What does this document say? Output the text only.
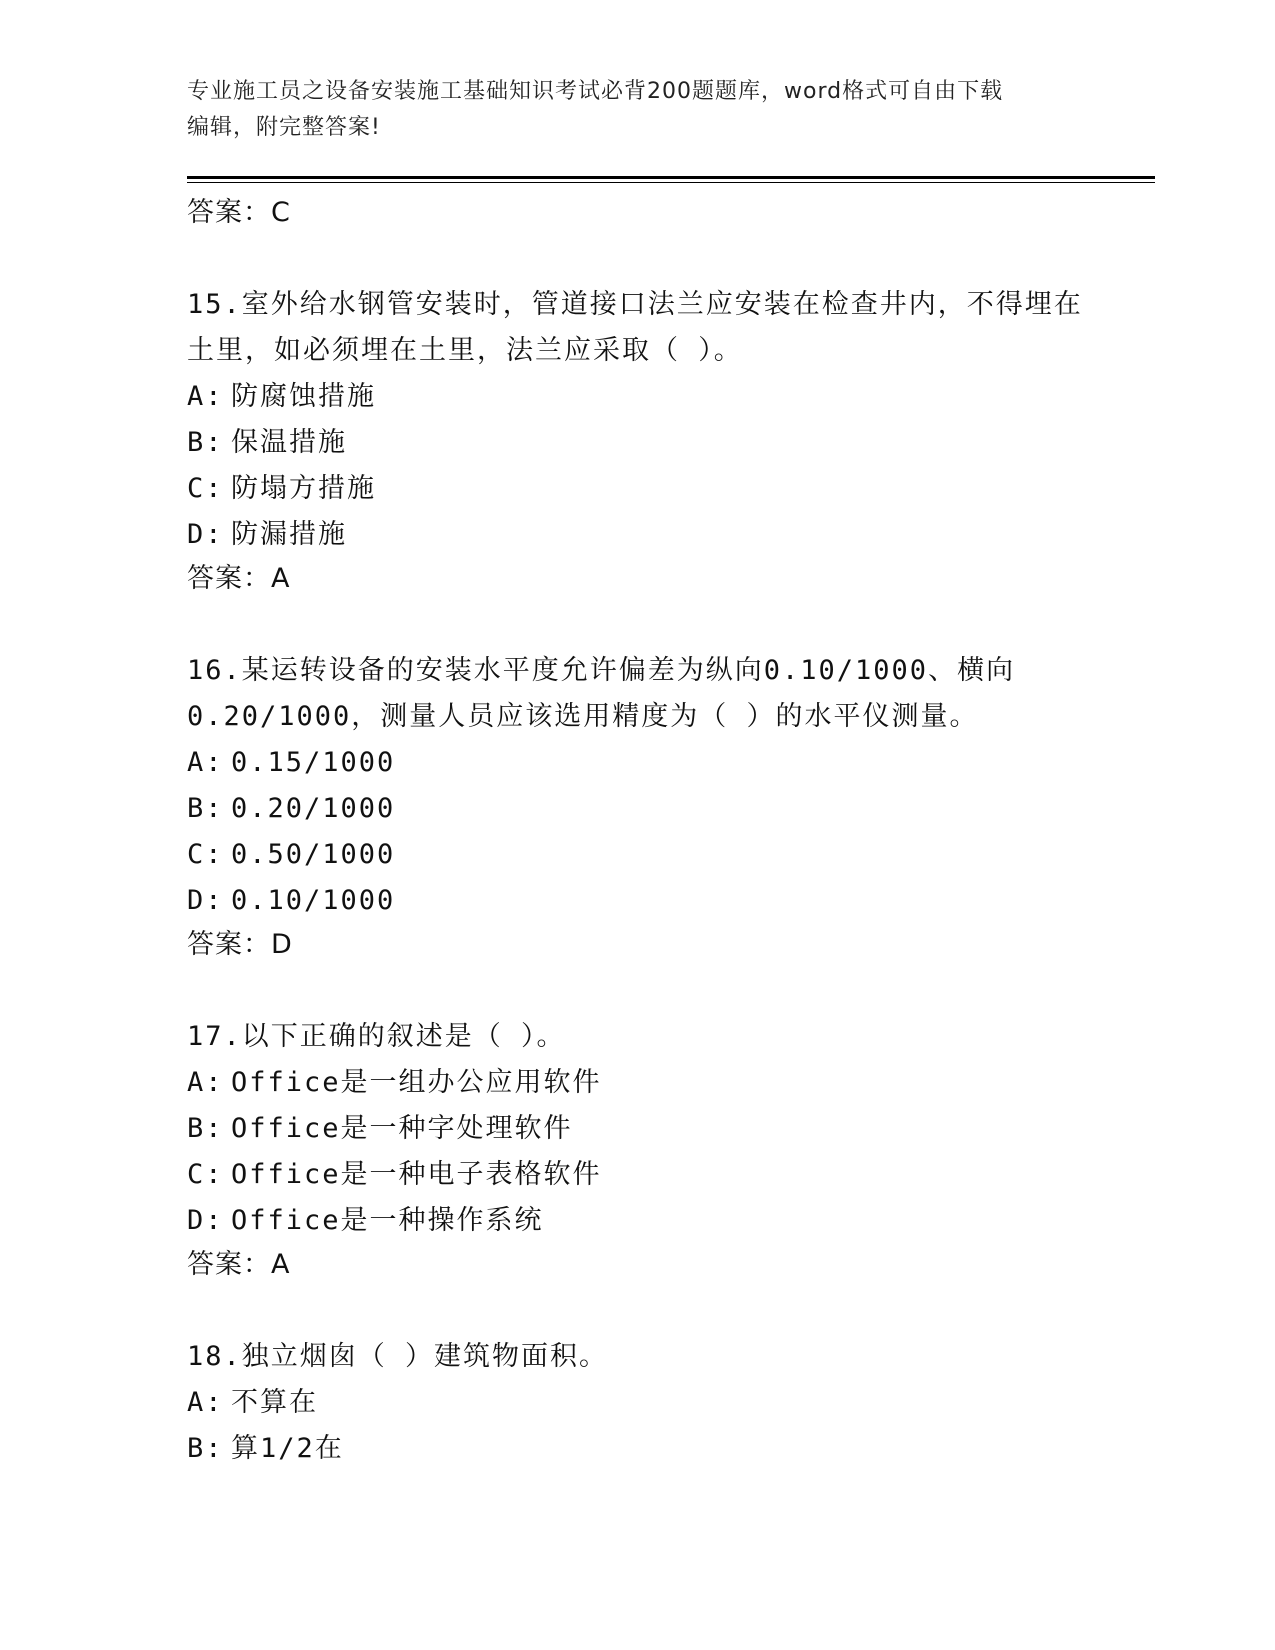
专业施工员之设备安装施工基础知识考试必背200题题库，word格式可自由下载
编辑，附完整答案!
答案：C
15.室外给水钢管安装时，管道接口法兰应安装在检查井内，不得埋在
土里，如必须埋在土里，法兰应采取（ ）。
A: 防腐蚀措施
B: 保温措施
C: 防塌方措施
D: 防漏措施
答案：A
16.某运转设备的安装水平度允许偏差为纵向0.10/1000、横向
0.20/1000，测量人员应该选用精度为（ ）的水平仪测量。
A: 0.15/1000
B: 0.20/1000
C: 0.50/1000
D: 0.10/1000
答案：D
17.以下正确的叙述是（ ）。
A: Office是一组办公应用软件
B: Office是一种字处理软件
C: Office是一种电子表格软件
D: Office是一种操作系统
答案：A
18.独立烟囱（ ）建筑物面积。
A: 不算在
B: 算1/2在
